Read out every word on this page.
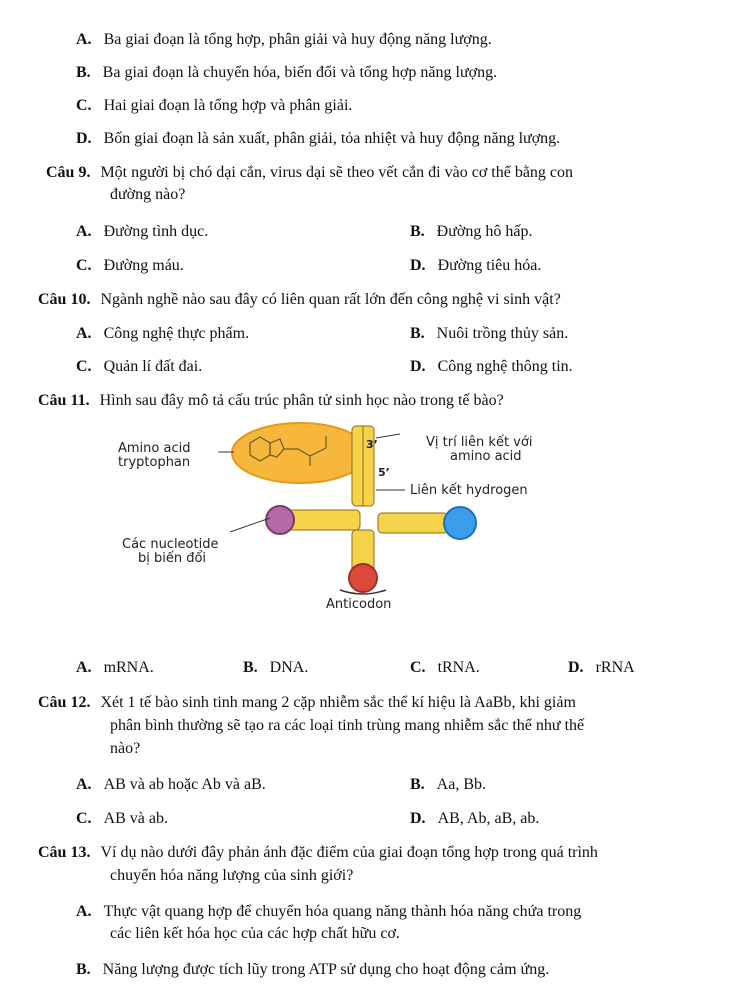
A. Ba giai đoạn là tổng hợp, phân giải và huy động năng lượng.
B. Ba giai đoạn là chuyển hóa, biến đổi và tổng hợp năng lượng.
C. Hai giai đoạn là tổng hợp và phân giải.
D. Bốn giai đoạn là sản xuất, phân giải, tỏa nhiệt và huy động năng lượng.
Câu 9. Một người bị chó dại cắn, virus dại sẽ theo vết cắn đi vào cơ thể bằng con
đường nào?
A. Đường tình dục.	B. Đường hô hấp.
C. Đường máu.	D. Đường tiêu hóa.
Câu 10. Ngành nghề nào sau đây có liên quan rất lớn đến công nghệ vi sinh vật?
A. Công nghệ thực phẩm.	B. Nuôi trồng thủy sản.
C. Quản lí đất đai.	D. Công nghệ thông tin.
Câu 11. Hình sau đây mô tả cấu trúc phân tử sinh học nào trong tế bào?
Amino acid
tryptophan
Vị trí liên kết với
amino acid
3’
5’
Liên kết hydrogen
Các nucleotide
bị biến đổi
Anticodon
A. mRNA.	B. DNA.	C. tRNA.	D. rRNA
Câu 12. Xét 1 tế bào sinh tinh mang 2 cặp nhiễm sắc thể kí hiệu là AaBb, khi giảm
phân bình thường sẽ tạo ra các loại tinh trùng mang nhiễm sắc thể như thế
nào?
A. AB và ab hoặc Ab và aB.	B. Aa, Bb.
C. AB và ab.	D. AB, Ab, aB, ab.
Câu 13. Ví dụ nào dưới đây phản ánh đặc điểm của giai đoạn tổng hợp trong quá trình
chuyển hóa năng lượng của sinh giới?
A. Thực vật quang hợp để chuyển hóa quang năng thành hóa năng chứa trong
các liên kết hóa học của các hợp chất hữu cơ.
B. Năng lượng được tích lũy trong ATP sử dụng cho hoạt động cảm ứng.
